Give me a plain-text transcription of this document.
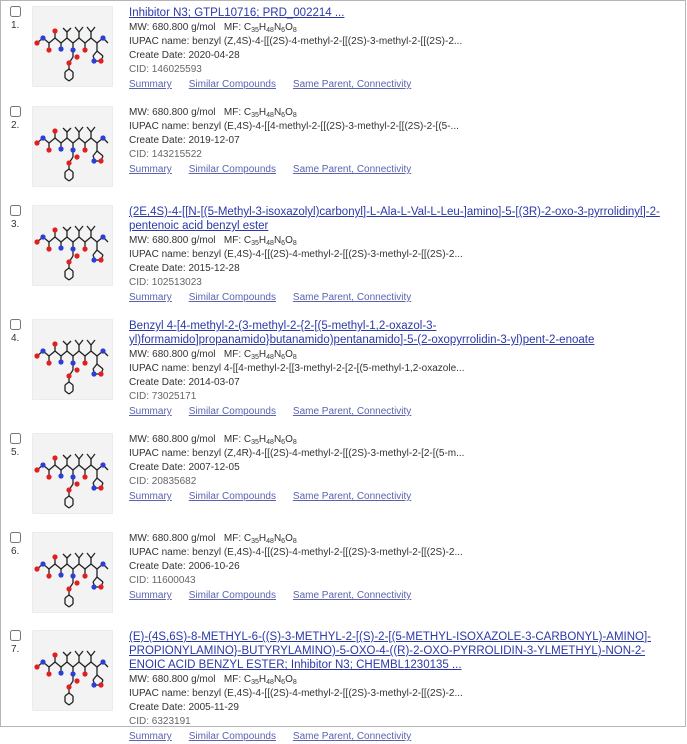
1.
Inhibitor N3; GTPL10716; PRD_002214 ...
MW: 680.800 g/mol MF: $C_{35}H_{48}N_6O_8$
IUPAC name: benzyl (Z,4S)-4-[[(2S)-4-methyl-2-[[(2S)-3-methyl-2-[[(2S)-2...
Create Date: 2020-04-28
CID: 146025593
Summary Similar Compounds Same Parent, Connectivity
2.
MW: 680.800 g/mol MF: $C_{35}H_{48}N_6O_8$
IUPAC name: benzyl (E,4S)-4-[[4-methyl-2-[[(2S)-3-methyl-2-[[(2S)-2-[(5-...
Create Date: 2019-12-07
CID: 143215522
Summary Similar Compounds Same Parent, Connectivity
3.
(2E,4S)-4-[[N-[(5-Methyl-3-isoxazolyl)carbonyl]-L-Ala-L-Val-L-Leu-]amino]-5-[(3R)-2-oxo-3-pyrrolidinyl]-2-pentenoic acid benzyl ester
MW: 680.800 g/mol MF: $C_{35}H_{48}N_6O_8$
IUPAC name: benzyl (E,4S)-4-[[(2S)-4-methyl-2-[[(2S)-3-methyl-2-[[(2S)-2...
Create Date: 2015-12-28
CID: 102513023
Summary Similar Compounds Same Parent, Connectivity
4.
Benzyl 4-[4-methyl-2-(3-methyl-2-{2-[(5-methyl-1,2-oxazol-3-yl)formamido]propanamido}butanamido)pentanamido]-5-(2-oxopyrrolidin-3-yl)pent-2-enoate
MW: 680.800 g/mol MF: $C_{35}H_{48}N_6O_8$
IUPAC name: benzyl 4-[[4-methyl-2-[[3-methyl-2-[2-[(5-methyl-1,2-oxazole...
Create Date: 2014-03-07
CID: 73025171
Summary Similar Compounds Same Parent, Connectivity
5.
MW: 680.800 g/mol MF: $C_{35}H_{48}N_6O_8$
IUPAC name: benzyl (Z,4R)-4-[[(2S)-4-methyl-2-[[(2S)-3-methyl-2-[2-[(5-m...
Create Date: 2007-12-05
CID: 20835682
Summary Similar Compounds Same Parent, Connectivity
6.
MW: 680.800 g/mol MF: $C_{35}H_{48}N_6O_8$
IUPAC name: benzyl (E,4S)-4-[[(2S)-4-methyl-2-[[(2S)-3-methyl-2-[[(2S)-2...
Create Date: 2006-10-26
CID: 11600043
Summary Similar Compounds Same Parent, Connectivity
7.
(E)-(4S,6S)-8-METHYL-6-((S)-3-METHYL-2-[(S)-2-[(5-METHYL-ISOXAZOLE-3-CARBONYL)-AMINO]-PROPIONYLAMINO}-BUTYRYLAMINO)-5-OXO-4-((R)-2-OXO-PYRROLIDIN-3-YLMETHYL)-NON-2-ENOIC ACID BENZYL ESTER; Inhibitor N3; CHEMBL1230135 ...
MW: 680.800 g/mol MF: $C_{35}H_{48}N_6O_8$
IUPAC name: benzyl (E,4S)-4-[[(2S)-4-methyl-2-[[(2S)-3-methyl-2-[[(2S)-2...
Create Date: 2005-11-29
CID: 6323191
Summary Similar Compounds Same Parent, Connectivity
